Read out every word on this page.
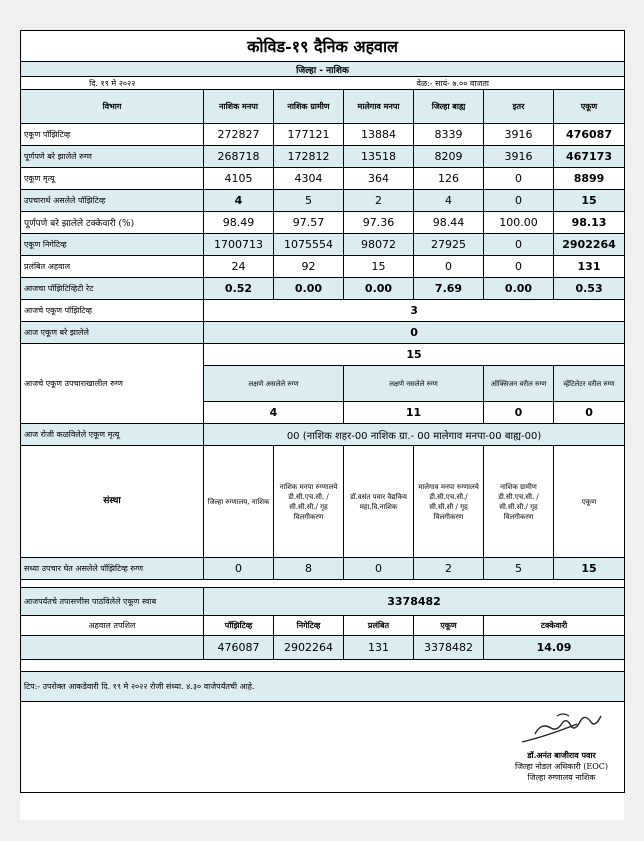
कोविड-१९ दैनिक अहवाल						
जिल्हा - नाशिक						
दि. १९ मे २०२२				वेळ:- सायं- ७.०० वाजता		
विभाग	नाशिक मनपा	नाशिक ग्रामीण	मालेगाव मनपा	जिल्हा बाह्य	इतर	एकूण
एकूण पॉझिटिव्ह	272827	177121	13884	8339	3916	476087
पूर्णपणे बरे झालेले रुग्ण	268718	172812	13518	8209	3916	467173
एकूण मृत्यू	4105	4304	364	126	0	8899
उपचारार्थ असलेले पॉझिटिव्ह	4	5	2	4	0	15
पूर्णपणे बरे झालेले टक्केवारी (%)	98.49	97.57	97.36	98.44	100.00	98.13
एकूण निगेटिव्ह	1700713	1075554	98072	27925	0	2902264
प्रलंबित अहवाल	24	92	15	0	0	131
आजचा पॉझिटिव्हिटी रेट	0.52	0.00	0.00	7.69	0.00	0.53
आजचे एकूण पॉझिटिव्ह	3					
आज एकूण बरे झालेले	0					
आजचे एकूण उपचाराखालील रुग्ण	15					
	लक्षणे असलेले रुग्ण		लक्षणे नसलेले रुग्ण		ऑक्सिजन वरील रुग्ण	व्हेंटिलेटर वरील रुग्ण
	4		11		0	0
आज रोजी कळविलेले एकूण मृत्यू	00 (नाशिक शहर-00 नाशिक ग्रा.- 00 मालेगाव मनपा-00 बाह्य-00)					
संस्था	जिल्हा रुग्णालय, नाशिक	नाशिक मनपा रुग्णालये डी.सी.एच.सी. / सी.सी.सी./ गृह विलगीकरण	डॉ.वसंत पवार वैद्यकिय महा.वि.नाशिक	मालेगाव मनपा रुग्णालये डी.सी.एच.सी./ सी.सी.सी / गृह विलगीकरण	नाशिक ग्रामीण डी.सी.एच.सी. /सी.सी.सी./ गृह विलगीकरण	एकूण
सध्या उपचार घेत असलेले पॉझिटिव्ह रुग्ण	0	8	0	2	5	15

आजपर्यंतचे तपासणीस पाठविलेले एकूण स्वाब	3378482					
अहवाल तपशिल	पॉझिटिव्ह	निगेटिव्ह	प्रलंबित	एकूण	टक्केवारी	
	476087	2902264	131	3378482	14.09	

टिप:- उपरोक्त आकडेवारी दि. १९ मे २०२२ रोजी संध्या. ४.३० वाजेपर्यंतची आहे.						

डॉ.अनंत बाजीराव पवार
जिल्हा नोडल अधिकारी (EOC)
जिल्हा रुग्णालय नाशिक						
